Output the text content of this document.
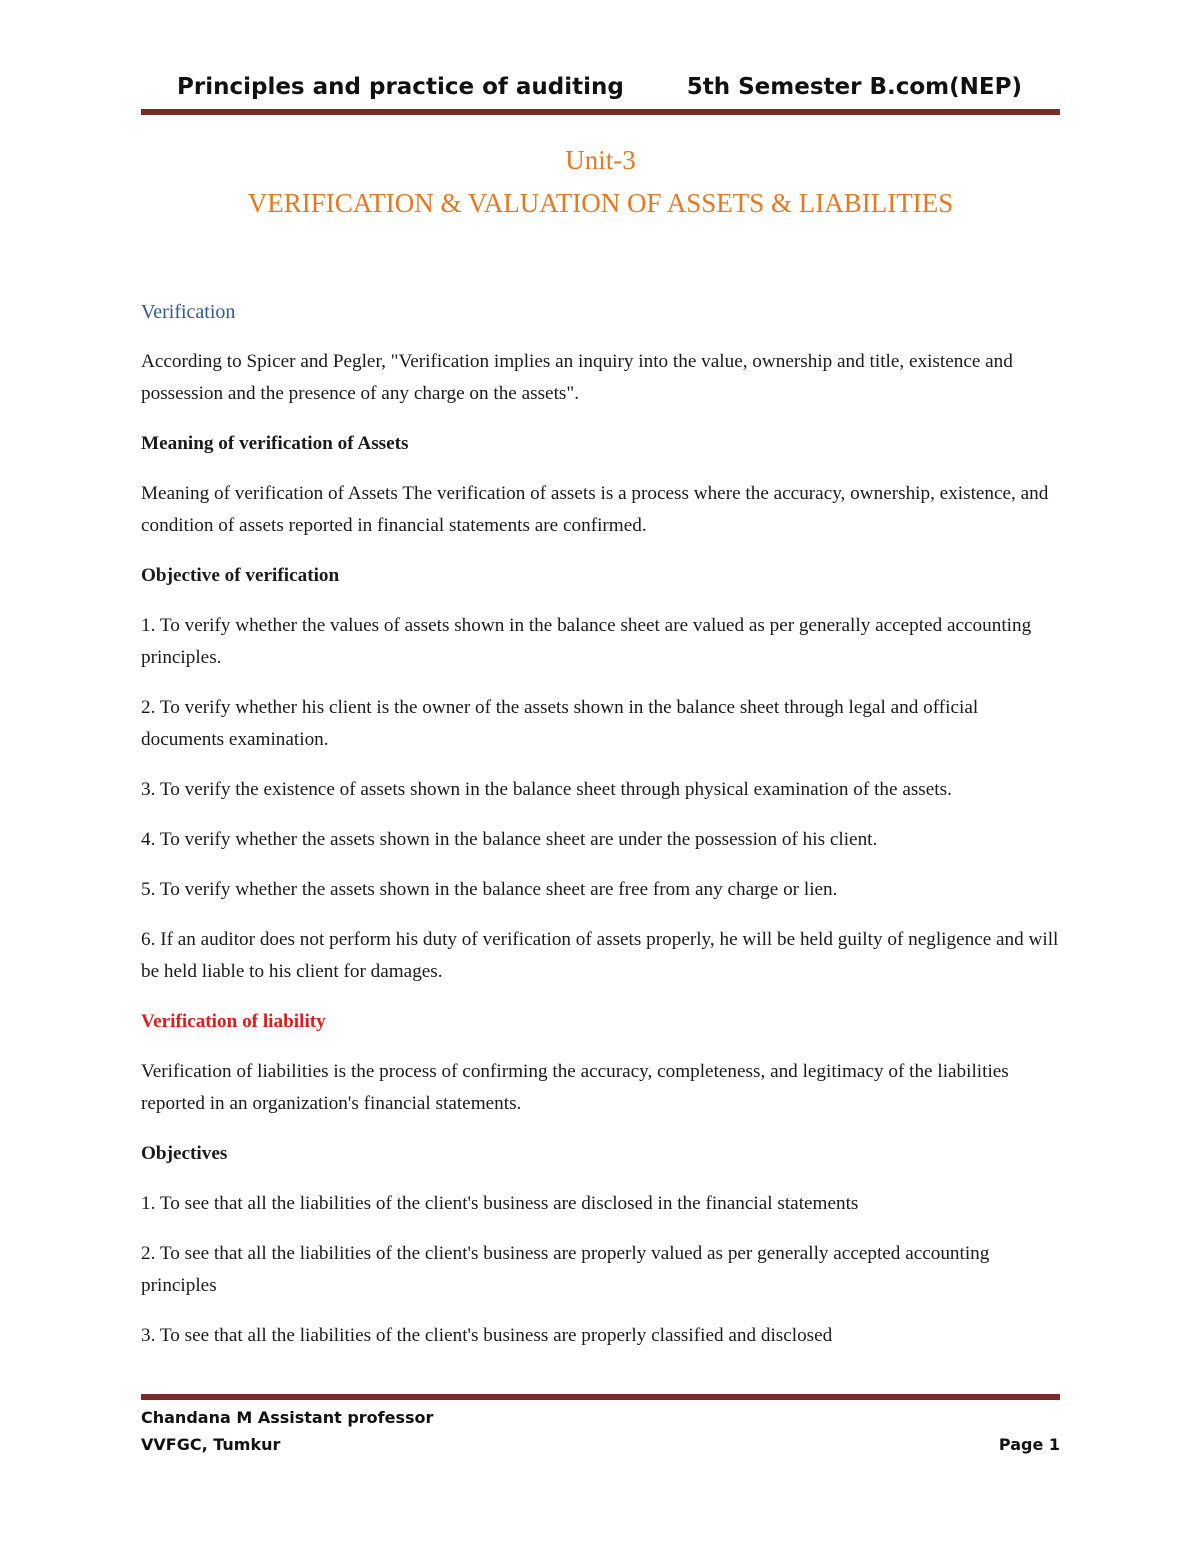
Principles and practice of auditing	5th Semester B.com(NEP)
Unit-3
VERIFICATION & VALUATION OF ASSETS & LIABILITIES

Verification

According to Spicer and Pegler, "Verification implies an inquiry into the value, ownership and title, existence and possession and the presence of any charge on the assets".

Meaning of verification of Assets

Meaning of verification of Assets The verification of assets is a process where the accuracy, ownership, existence, and condition of assets reported in financial statements are confirmed.

Objective of verification

1. To verify whether the values of assets shown in the balance sheet are valued as per generally accepted accounting principles.

2. To verify whether his client is the owner of the assets shown in the balance sheet through legal and official documents examination.

3. To verify the existence of assets shown in the balance sheet through physical examination of the assets.

4. To verify whether the assets shown in the balance sheet are under the possession of his client.

5. To verify whether the assets shown in the balance sheet are free from any charge or lien.

6. If an auditor does not perform his duty of verification of assets properly, he will be held guilty of negligence and will be held liable to his client for damages.

Verification of liability

Verification of liabilities is the process of confirming the accuracy, completeness, and legitimacy of the liabilities reported in an organization's financial statements.

Objectives

1. To see that all the liabilities of the client's business are disclosed in the financial statements

2. To see that all the liabilities of the client's business are properly valued as per generally accepted accounting principles

3. To see that all the liabilities of the client's business are properly classified and disclosed

Chandana M Assistant professor
VVFGC, Tumkur	Page 1
